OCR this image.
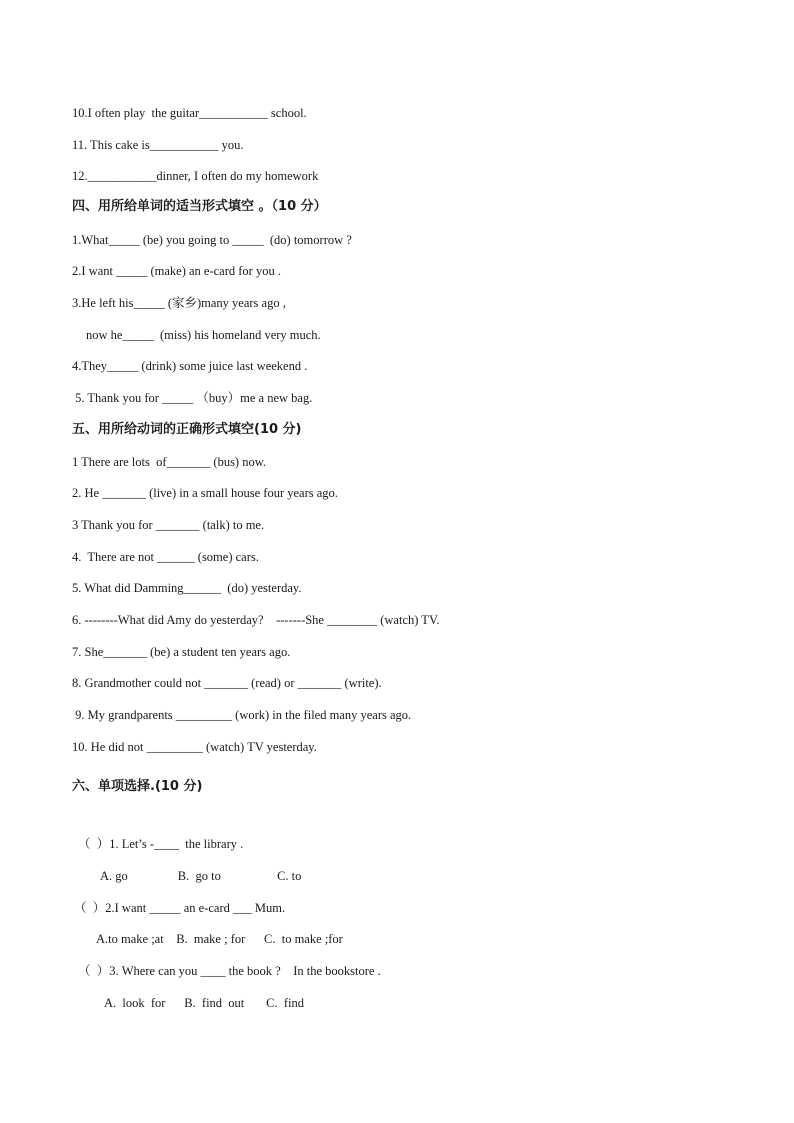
10.I often play  the guitar___________ school.
11. This cake is___________ you.
12.___________dinner, I often do my homework
四、用所给单词的适当形式填空 。（10 分）
1.What_____ (be) you going to _____  (do) tomorrow ?
2.I want _____ (make) an e-card for you .
3.He left his_____ (家乡)many years ago ,
now he_____  (miss) his homeland very much.
4.They_____ (drink) some juice last weekend .
5. Thank you for _____ （buy）me a new bag.
五、用所给动词的正确形式填空(10 分)
1 There are lots  of_______ (bus) now.
2. He _______ (live) in a small house four years ago.
3 Thank you for _______ (talk) to me.
4.  There are not ______ (some) cars.
5. What did Damming______  (do) yesterday.
6. --------What did Amy do yesterday?    -------She ________ (watch) TV.
7. She_______ (be) a student ten years ago.
8. Grandmother could not _______ (read) or _______ (write).
9. My grandparents _________ (work) in the filed many years ago.
10. He did not _________ (watch) TV yesterday.
六、单项选择.(10 分)
（  ）1. Let’s -____  the library .
A. go                B.  go to                  C. to
（  ）2.I want _____ an e-card ___ Mum.
A.to make ;at    B.  make ; for      C.  to make ;for
（  ）3. Where can you ____ the book ?    In the bookstore .
A.  look  for      B.  find  out       C.  find
